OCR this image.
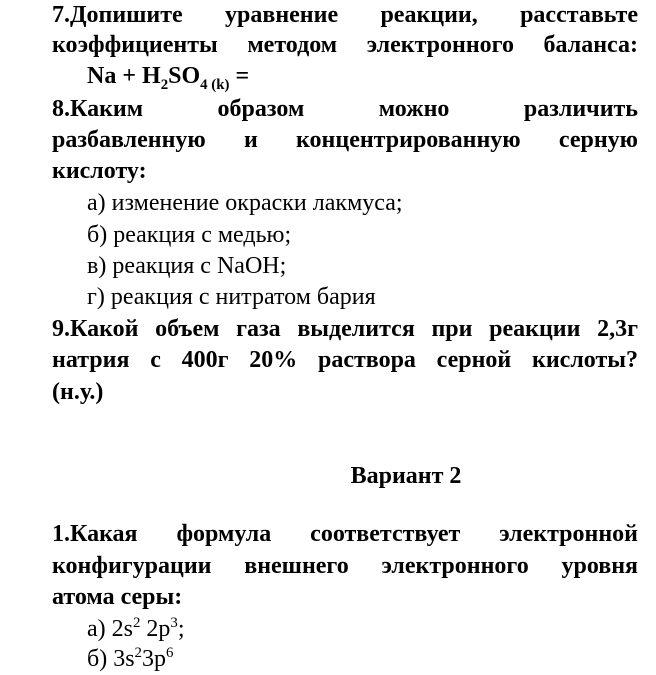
7.Допишите уравнение реакции, расставьте

коэффициенты методом электронного баланса:

$Na + H_2SO_{4 (k)}$ =

8.Каким образом можно различить

разбавленную и концентрированную серную

кислоту:

а) изменение окраски лакмуса;

б) реакция с медью;

в) реакция с NaOH;

г) реакция с нитратом бария

9.Какой объем газа выделится при реакции 2,3г

натрия с 400г 20% раствора серной кислоты?

(н.у.)

Вариант 2

1.Какая формула соответствует электронной

конфигурации внешнего электронного уровня

атома серы:

а) $2s^2$ $2p^3$;

б) $3s^23p^6$
